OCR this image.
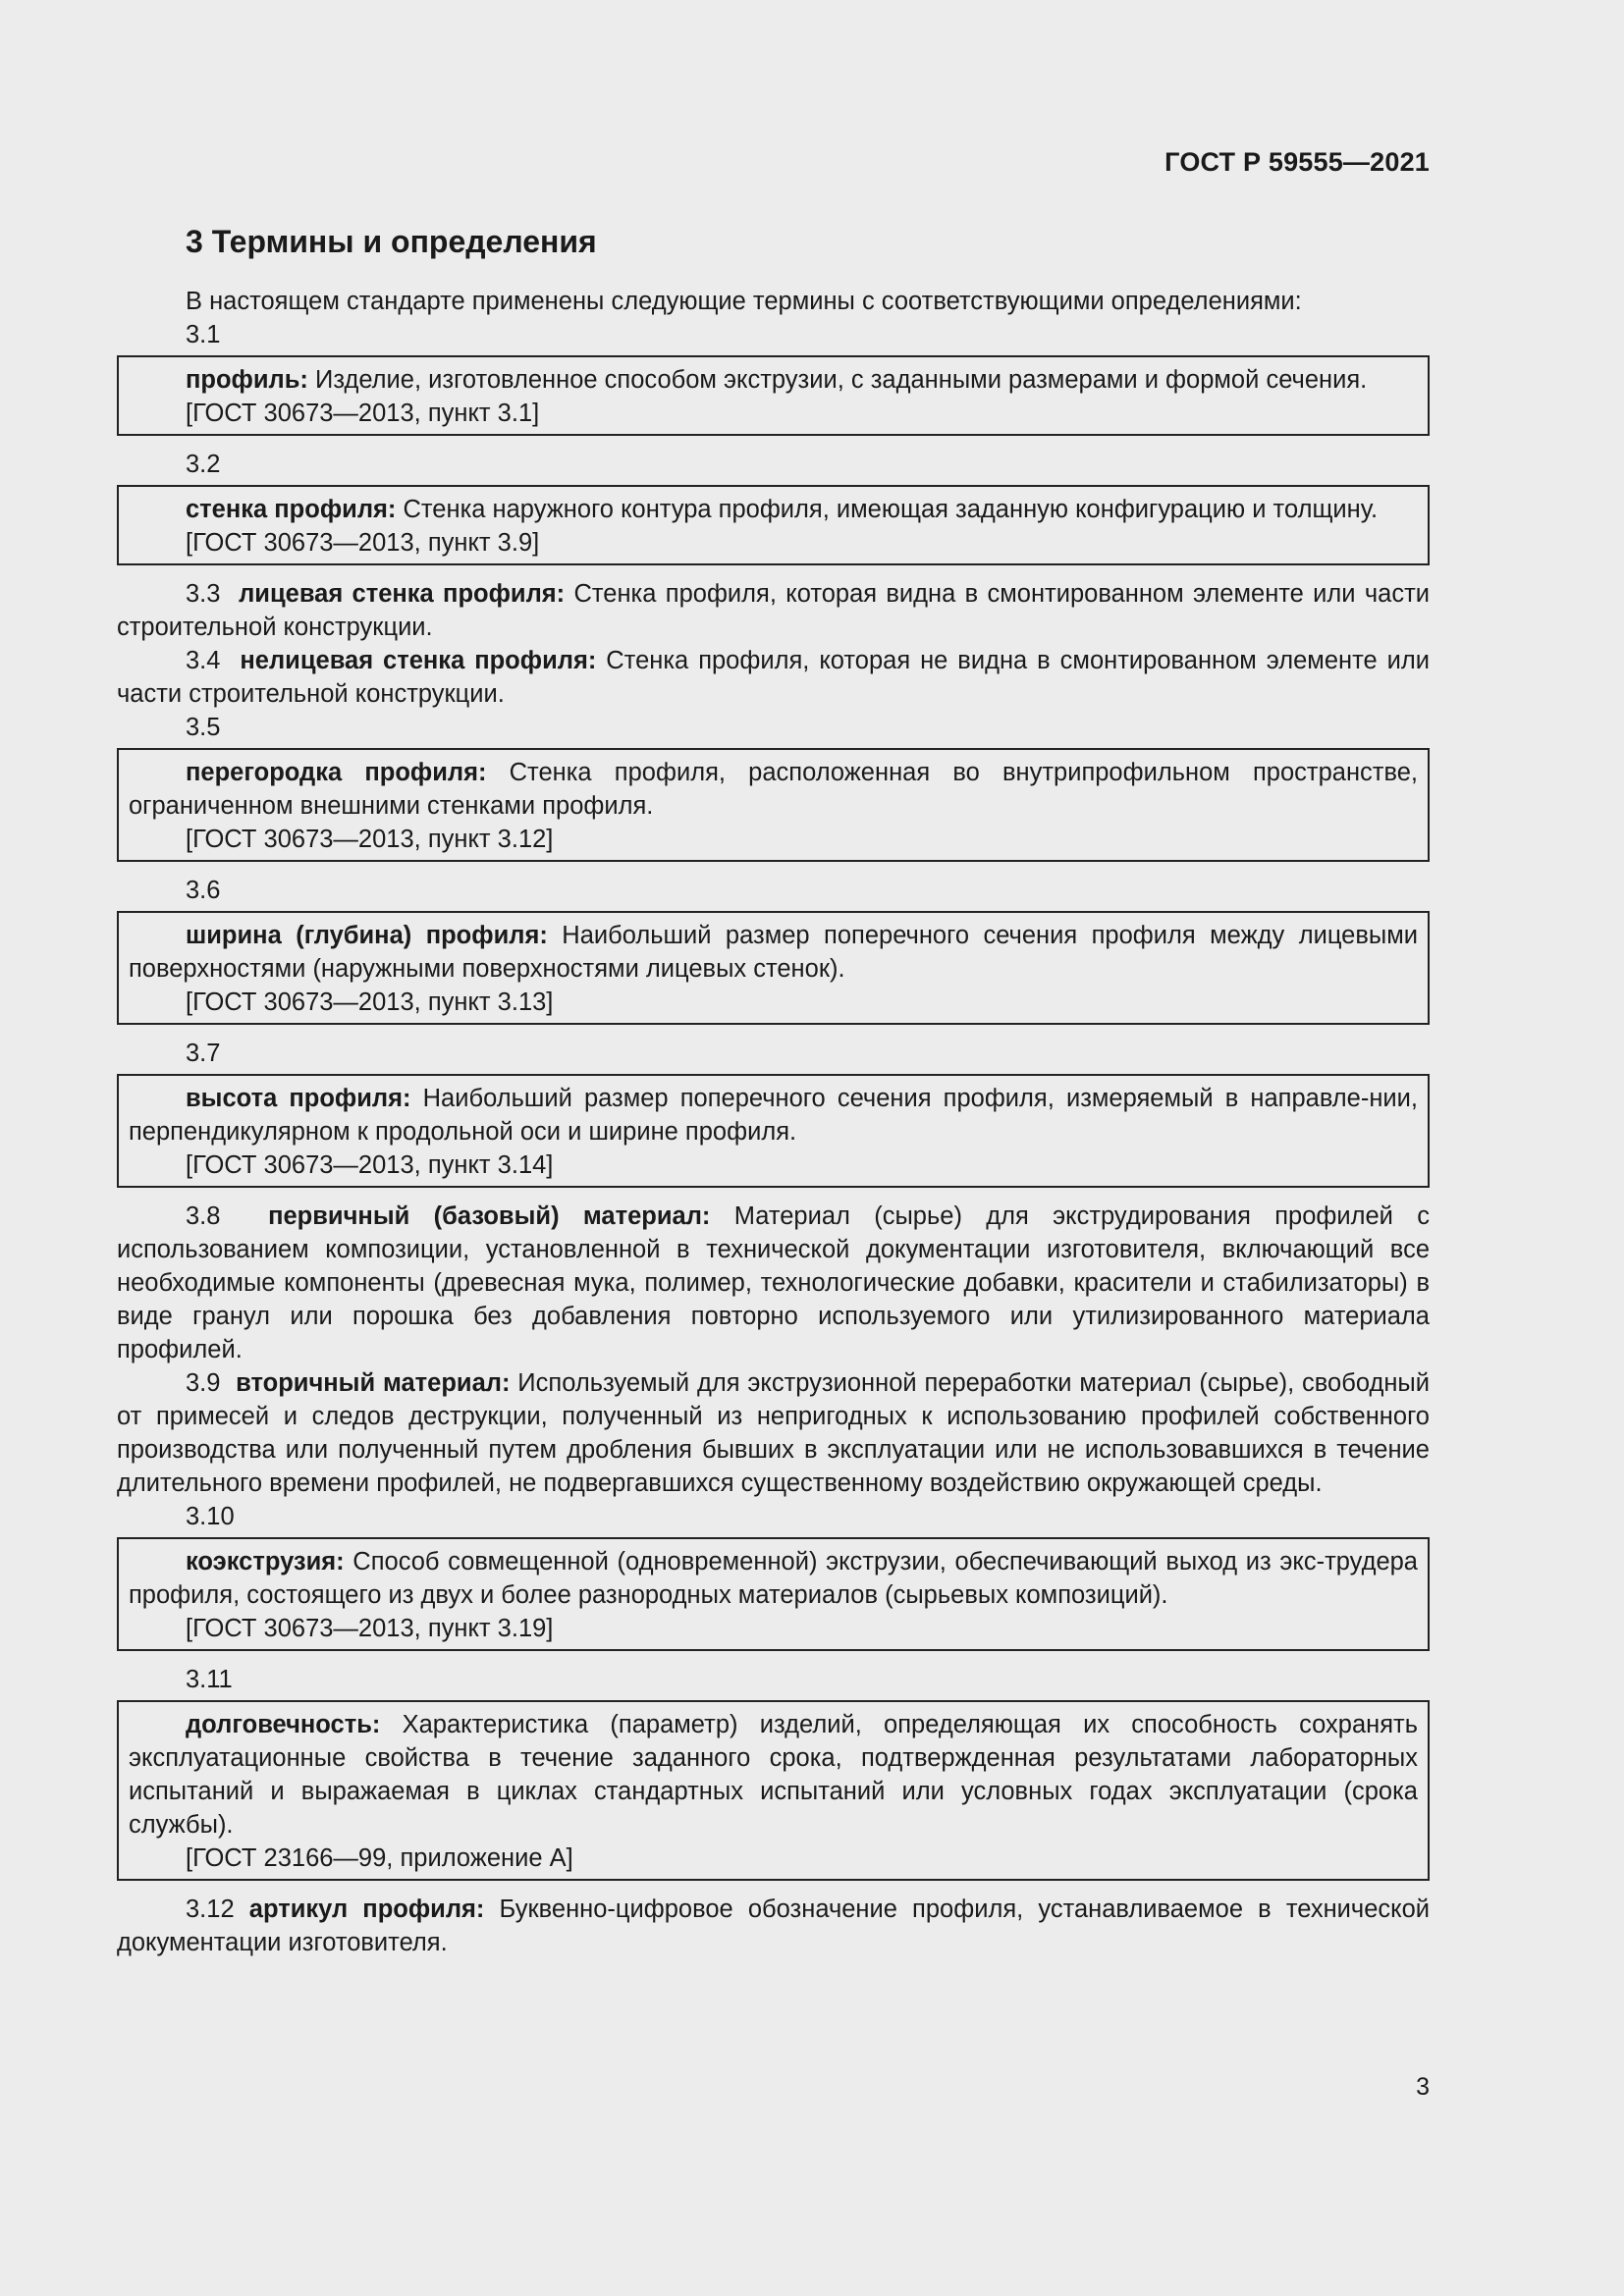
ГОСТ Р 59555—2021
3 Термины и определения

В настоящем стандарте применены следующие термины с соответствующими определениями:

3.1

профиль: Изделие, изготовленное способом экструзии, с заданными размерами и формой сечения.

[ГОСТ 30673—2013, пункт 3.1]

3.2

стенка профиля: Стенка наружного контура профиля, имеющая заданную конфигурацию и толщину.

[ГОСТ 30673—2013, пункт 3.9]

3.3 лицевая стенка профиля: Стенка профиля, которая видна в смонтированном элементе или части строительной конструкции.

3.4 нелицевая стенка профиля: Стенка профиля, которая не видна в смонтированном элементе или части строительной конструкции.

3.5

перегородка профиля: Стенка профиля, расположенная во внутрипрофильном пространстве, ограниченном внешними стенками профиля.

[ГОСТ 30673—2013, пункт 3.12]

3.6

ширина (глубина) профиля: Наибольший размер поперечного сечения профиля между лицевыми поверхностями (наружными поверхностями лицевых стенок).

[ГОСТ 30673—2013, пункт 3.13]

3.7

высота профиля: Наибольший размер поперечного сечения профиля, измеряемый в направле-нии, перпендикулярном к продольной оси и ширине профиля.

[ГОСТ 30673—2013, пункт 3.14]

3.8 первичный (базовый) материал: Материал (сырье) для экструдирования профилей с использованием композиции, установленной в технической документации изготовителя, включающий все необходимые компоненты (древесная мука, полимер, технологические добавки, красители и стабилизаторы) в виде гранул или порошка без добавления повторно используемого или утилизированного материала профилей.

3.9 вторичный материал: Используемый для экструзионной переработки материал (сырье), свободный от примесей и следов деструкции, полученный из непригодных к использованию профилей собственного производства или полученный путем дробления бывших в эксплуатации или не использовавшихся в течение длительного времени профилей, не подвергавшихся существенному воздействию окружающей среды.

3.10

коэкструзия: Способ совмещенной (одновременной) экструзии, обеспечивающий выход из экс-трудера профиля, состоящего из двух и более разнородных материалов (сырьевых композиций).

[ГОСТ 30673—2013, пункт 3.19]

3.11

долговечность: Характеристика (параметр) изделий, определяющая их способность сохранять эксплуатационные свойства в течение заданного срока, подтвержденная результатами лабораторных испытаний и выражаемая в циклах стандартных испытаний или условных годах эксплуатации (срока службы).

[ГОСТ 23166—99, приложение А]

3.12 артикул профиля: Буквенно-цифровое обозначение профиля, устанавливаемое в технической документации изготовителя.

3
